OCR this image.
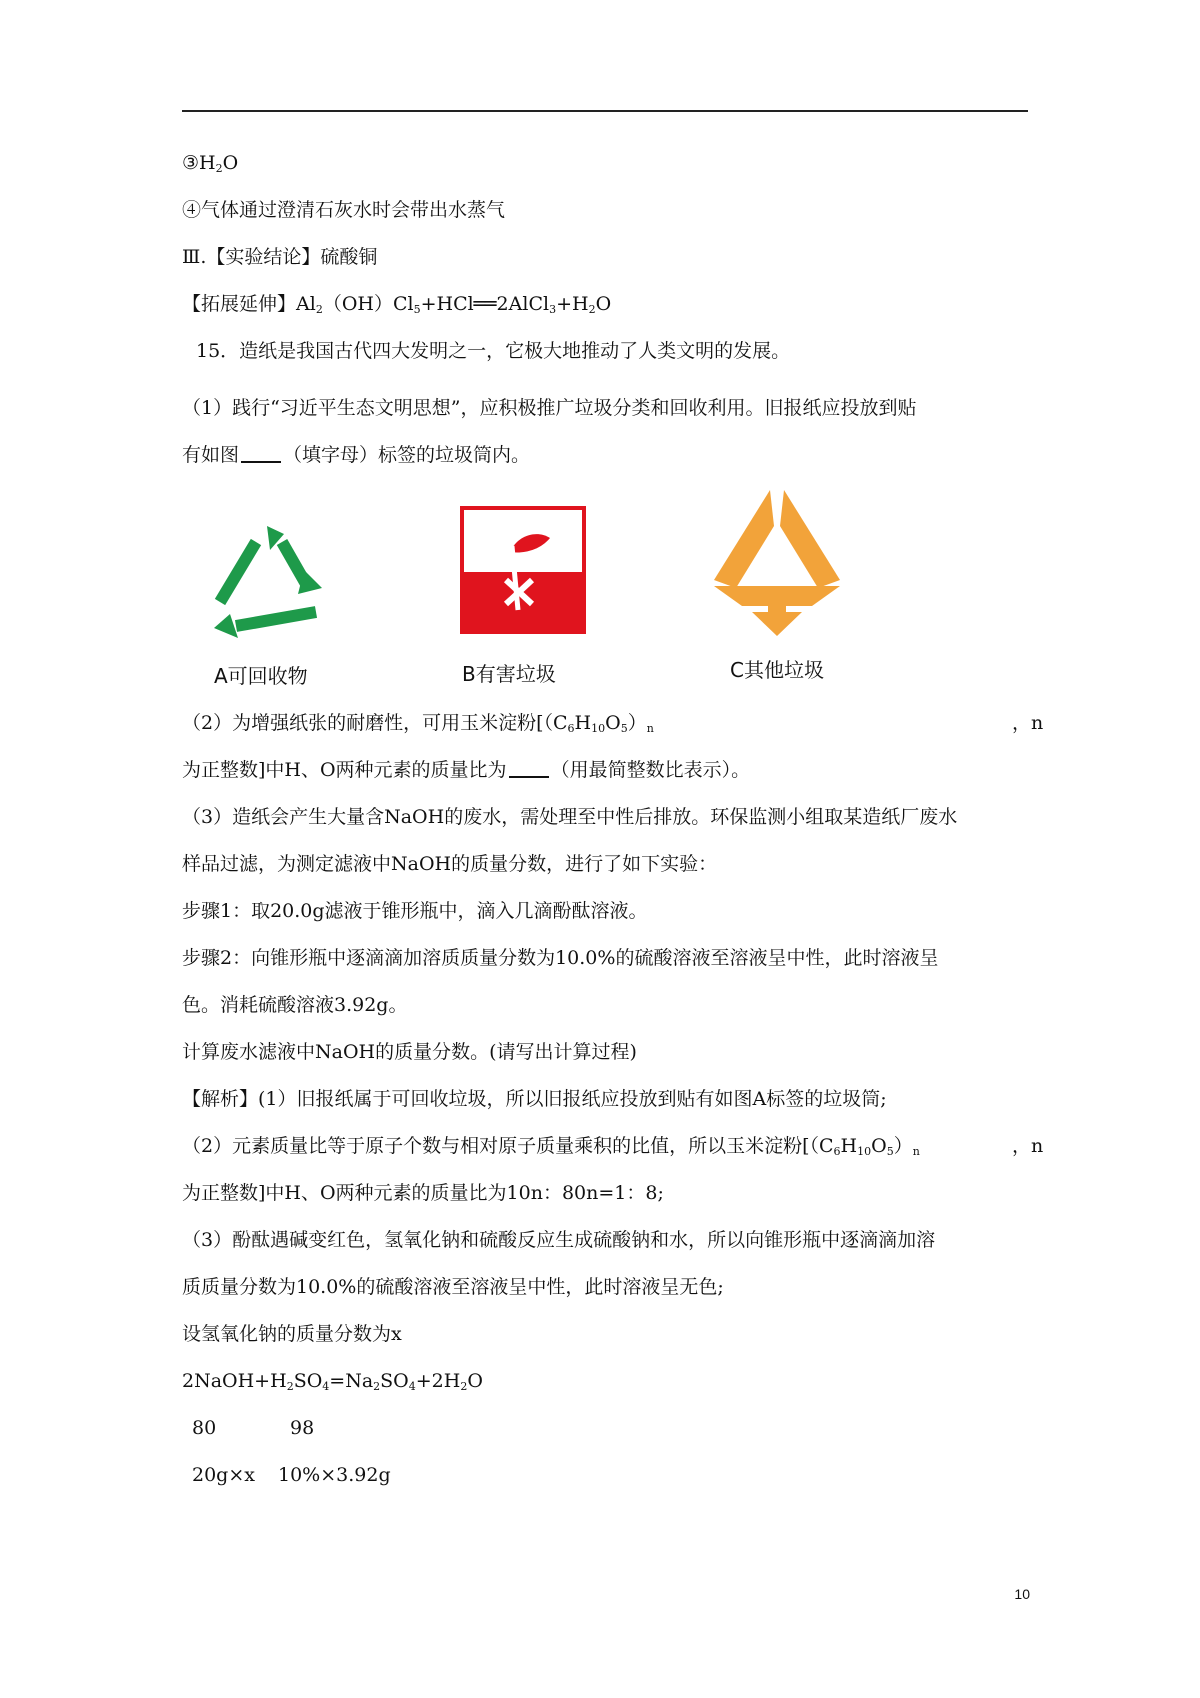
$③H_2O$
④气体通过澄清石灰水时会带出水蒸气
Ⅲ.【实验结论】硫酸铜
【拓展延伸】$Al_2(OH)Cl_5+HCl══2AlCl_3+H_2O$
15．造纸是我国古代四大发明之一，它极大地推动了人类文明的发展。
（1）践行“习近平生态文明思想”，应积极推广垃圾分类和回收利用。旧报纸应投放到贴
有如图 （填字母）标签的垃圾筒内。
A可回收物	B有害垃圾	C其他垃圾
（2）为增强纸张的耐磨性，可用玉米淀粉[$(C_6H_{10}O_5)_n$	，n
为正整数]中H、O两种元素的质量比为 （用最简整数比表示）。
（3）造纸会产生大量含NaOH的废水，需处理至中性后排放。环保监测小组取某造纸厂废水
样品过滤，为测定滤液中NaOH的质量分数，进行了如下实验：
步骤1：取20.0g滤液于锥形瓶中，滴入几滴酚酞溶液。
步骤2：向锥形瓶中逐滴滴加溶质质量分数为10.0%的硫酸溶液至溶液呈中性，此时溶液呈
色。消耗硫酸溶液3.92g。
计算废水滤液中NaOH的质量分数。(请写出计算过程)
【解析】(1）旧报纸属于可回收垃圾，所以旧报纸应投放到贴有如图A标签的垃圾筒;
（2）元素质量比等于原子个数与相对原子质量乘积的比值，所以玉米淀粉[$(C_6H_{10}O_5)_n$	，n
为正整数]中H、O两种元素的质量比为10n：80n=1：8;
（3）酚酞遇碱变红色，氢氧化钠和硫酸反应生成硫酸钠和水，所以向锥形瓶中逐滴滴加溶
质质量分数为10.0%的硫酸溶液至溶液呈中性，此时溶液呈无色;
设氢氧化钠的质量分数为x
$2NaOH+H_2SO_4=Na_2SO_4+2H_2O$
80	98
20g×x 10%×3.92g
10
